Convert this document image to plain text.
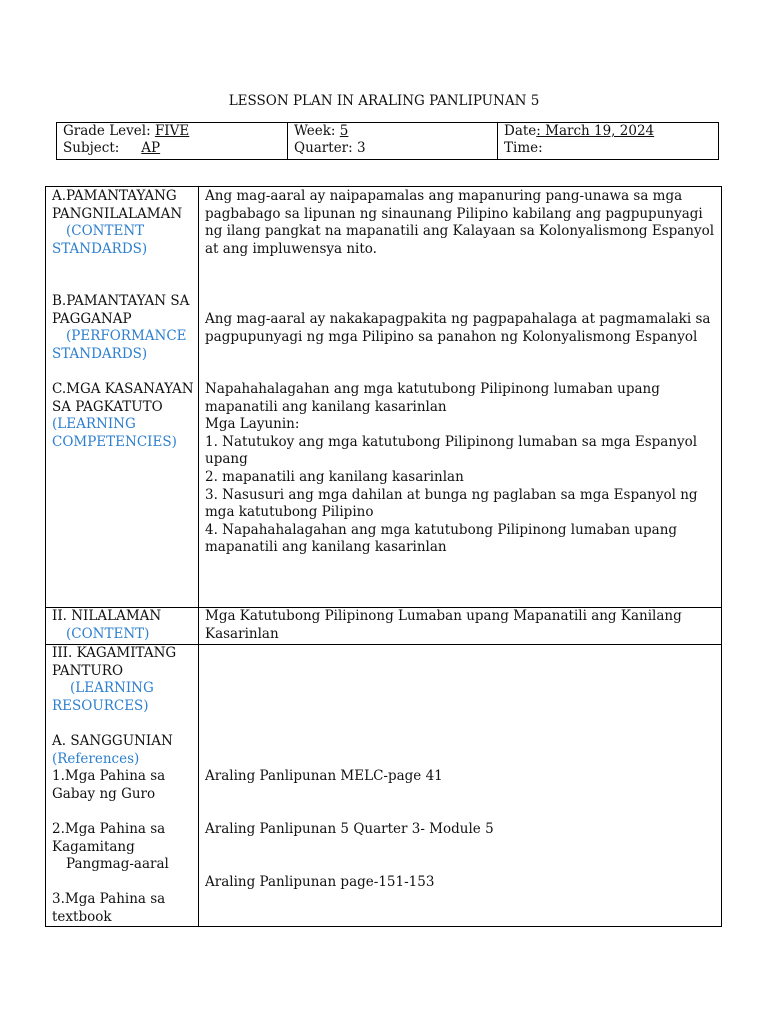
LESSON PLAN IN ARALING PANLIPUNAN 5
Grade Level: FIVE
Subject: AP
Week: 5
Quarter: 3
Date: March 19, 2024
Time:
A.PAMANTAYANG PANGNILALAMAN
(CONTENT STANDARDS)
Ang mag-aaral ay naipapamalas ang mapanuring pang-unawa sa mga pagbabago sa lipunan ng sinaunang Pilipino kabilang ang pagpupunyagi ng ilang pangkat na mapanatili ang Kalayaan sa Kolonyalismong Espanyol at ang impluwensya nito.
B.PAMANTAYAN SA PAGGANAP
(PERFORMANCE STANDARDS)
Ang mag-aaral ay nakakapagpakita ng pagpapahalaga at pagmamalaki sa pagpupunyagi ng mga Pilipino sa panahon ng Kolonyalismong Espanyol
C.MGA KASANAYAN SA PAGKATUTO
(LEARNING COMPETENCIES)
Napahahalagahan ang mga katutubong Pilipinong lumaban upang mapanatili ang kanilang kasarinlan
Mga Layunin:
1. Natutukoy ang mga katutubong Pilipinong lumaban sa mga Espanyol upang
2. mapanatili ang kanilang kasarinlan
3. Nasusuri ang mga dahilan at bunga ng paglaban sa mga Espanyol ng mga katutubong Pilipino
4. Napahahalagahan ang mga katutubong Pilipinong lumaban upang mapanatili ang kanilang kasarinlan
II. NILALAMAN
(CONTENT)
Mga Katutubong Pilipinong Lumaban upang Mapanatili ang Kanilang Kasarinlan
III. KAGAMITANG PANTURO
(LEARNING RESOURCES)
A. SANGGUNIAN
(References)
1.Mga Pahina sa Gabay ng Guro
Araling Panlipunan MELC-page 41
2.Mga Pahina sa Kagamitang
Pangmag-aaral
Araling Panlipunan 5 Quarter 3- Module 5
3.Mga Pahina sa textbook
Araling Panlipunan page-151-153
